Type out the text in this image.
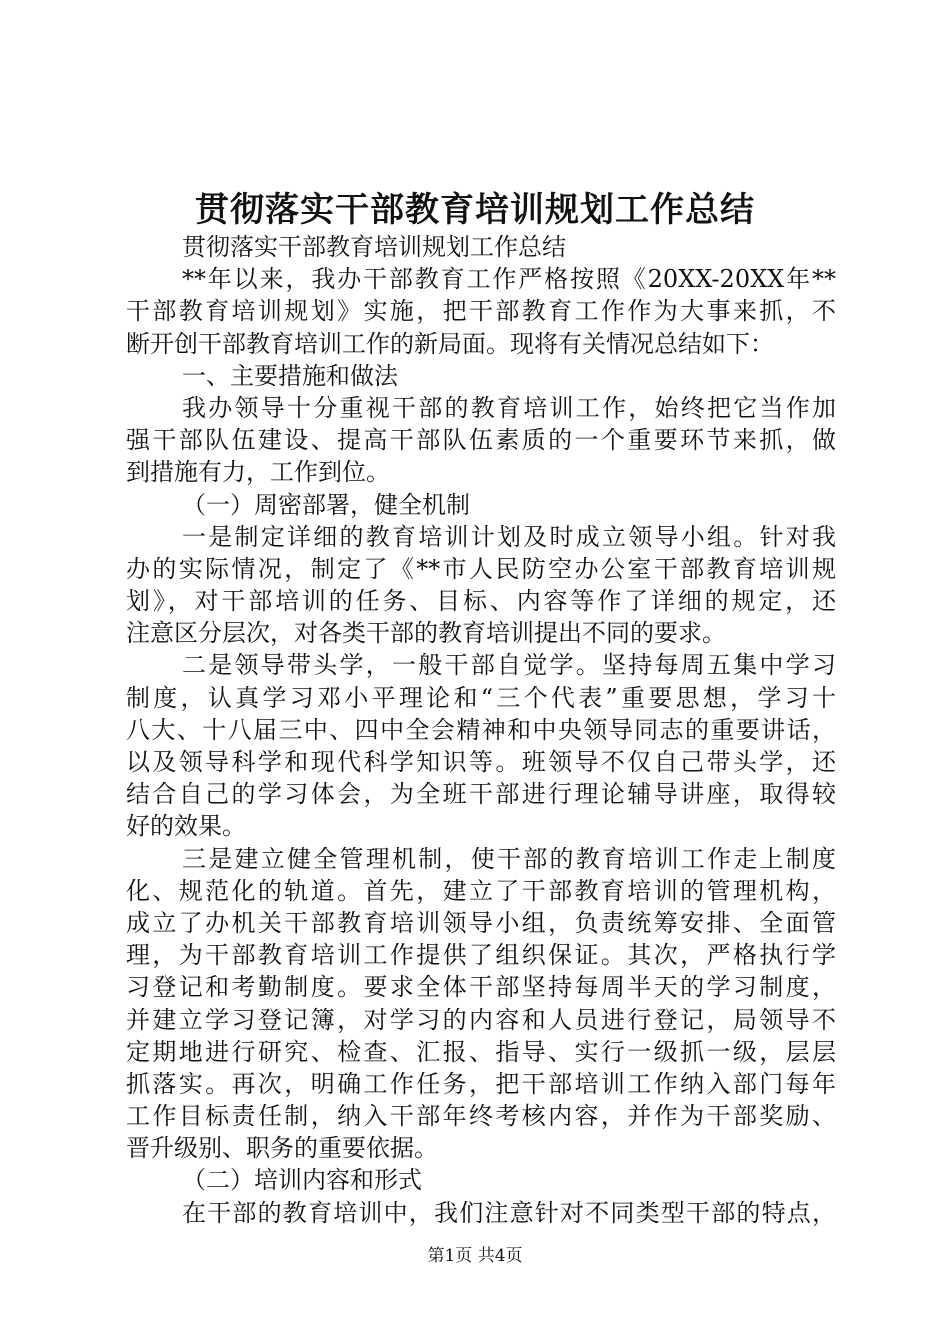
贯彻落实干部教育培训规划工作总结
贯彻落实干部教育培训规划工作总结
**年以来，我办干部教育工作严格按照《20XX-20XX年**
干部教育培训规划》实施，把干部教育工作作为大事来抓，不
断开创干部教育培训工作的新局面。现将有关情况总结如下：
一、主要措施和做法
我办领导十分重视干部的教育培训工作，始终把它当作加
强干部队伍建设、提高干部队伍素质的一个重要环节来抓，做
到措施有力，工作到位。
（一）周密部署，健全机制
一是制定详细的教育培训计划及时成立领导小组。针对我
办的实际情况，制定了《**市人民防空办公室干部教育培训规
划》，对干部培训的任务、目标、内容等作了详细的规定，还
注意区分层次，对各类干部的教育培训提出不同的要求。
二是领导带头学，一般干部自觉学。坚持每周五集中学习
制度，认真学习邓小平理论和“三个代表”重要思想，学习十
八大、十八届三中、四中全会精神和中央领导同志的重要讲话，
以及领导科学和现代科学知识等。班领导不仅自己带头学，还
结合自己的学习体会，为全班干部进行理论辅导讲座，取得较
好的效果。
三是建立健全管理机制，使干部的教育培训工作走上制度
化、规范化的轨道。首先，建立了干部教育培训的管理机构，
成立了办机关干部教育培训领导小组，负责统筹安排、全面管
理，为干部教育培训工作提供了组织保证。其次，严格执行学
习登记和考勤制度。要求全体干部坚持每周半天的学习制度，
并建立学习登记簿，对学习的内容和人员进行登记，局领导不
定期地进行研究、检查、汇报、指导、实行一级抓一级，层层
抓落实。再次，明确工作任务，把干部培训工作纳入部门每年
工作目标责任制，纳入干部年终考核内容，并作为干部奖励、
晋升级别、职务的重要依据。
（二）培训内容和形式
在干部的教育培训中，我们注意针对不同类型干部的特点，
第1页 共4页
